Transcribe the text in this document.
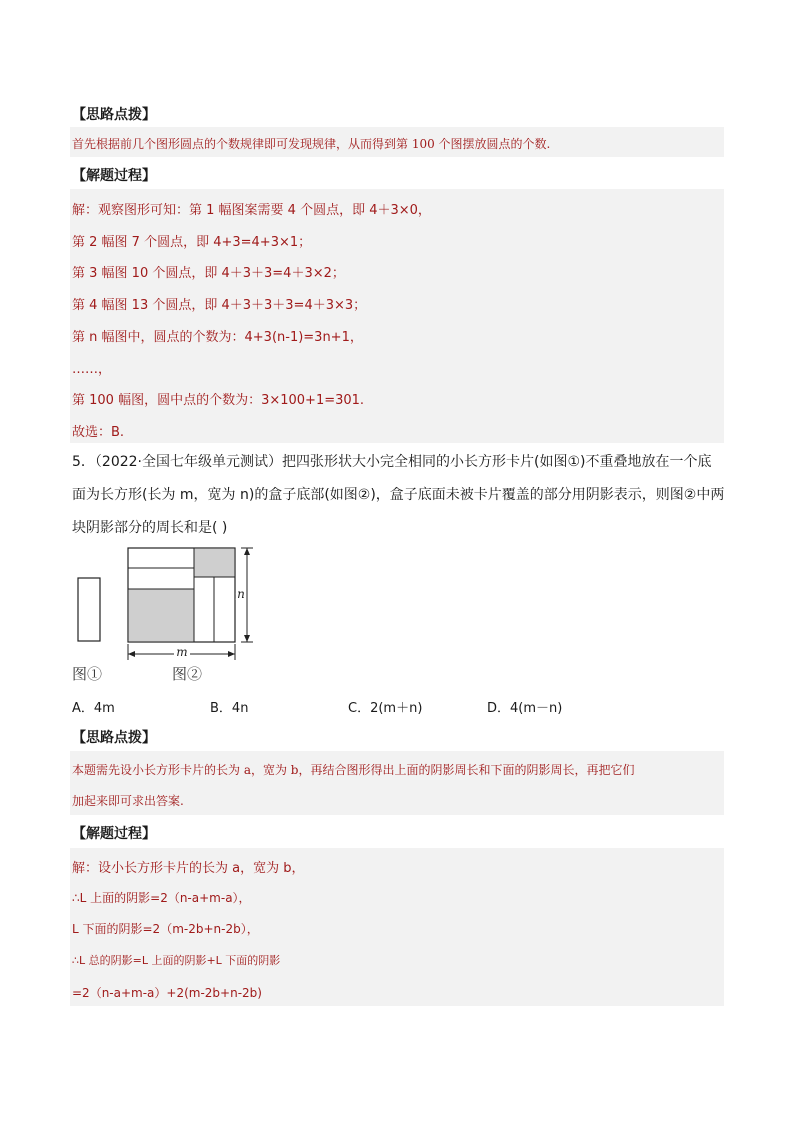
【思路点拨】
首先根据前几个图形圆点的个数规律即可发现规律，从而得到第 100 个图摆放圆点的个数.
【解题过程】
解：观察图形可知：第 1 幅图案需要 4 个圆点，即 4＋3×0，
第 2 幅图 7 个圆点，即 4+3=4+3×1；
第 3 幅图 10 个圆点，即 4＋3＋3=4＋3×2；
第 4 幅图 13 个圆点，即 4＋3＋3＋3=4＋3×3；
第 n 幅图中，圆点的个数为：4+3(n-1)=3n+1，
……，
第 100 幅图，圆中点的个数为：3×100+1=301.
故选：B.
5．（2022·全国七年级单元测试）把四张形状大小完全相同的小长方形卡片(如图①)不重叠地放在一个底
面为长方形(长为 m，宽为 n)的盒子底部(如图②)，盒子底面未被卡片覆盖的部分用阴影表示，则图②中两
块阴影部分的周长和是( )
m
n
图①	图②
A．4m	B．4n	C．2(m＋n)	D．4(m－n)
【思路点拨】
本题需先设小长方形卡片的长为 a，宽为 b，再结合图形得出上面的阴影周长和下面的阴影周长，再把它们
加起来即可求出答案.
【解题过程】
解：设小长方形卡片的长为 a，宽为 b，
∴L 上面的阴影=2（n-a+m-a），
L 下面的阴影=2（m-2b+n-2b），
∴L 总的阴影=L 上面的阴影+L 下面的阴影
=2（n-a+m-a）+2(m-2b+n-2b)
